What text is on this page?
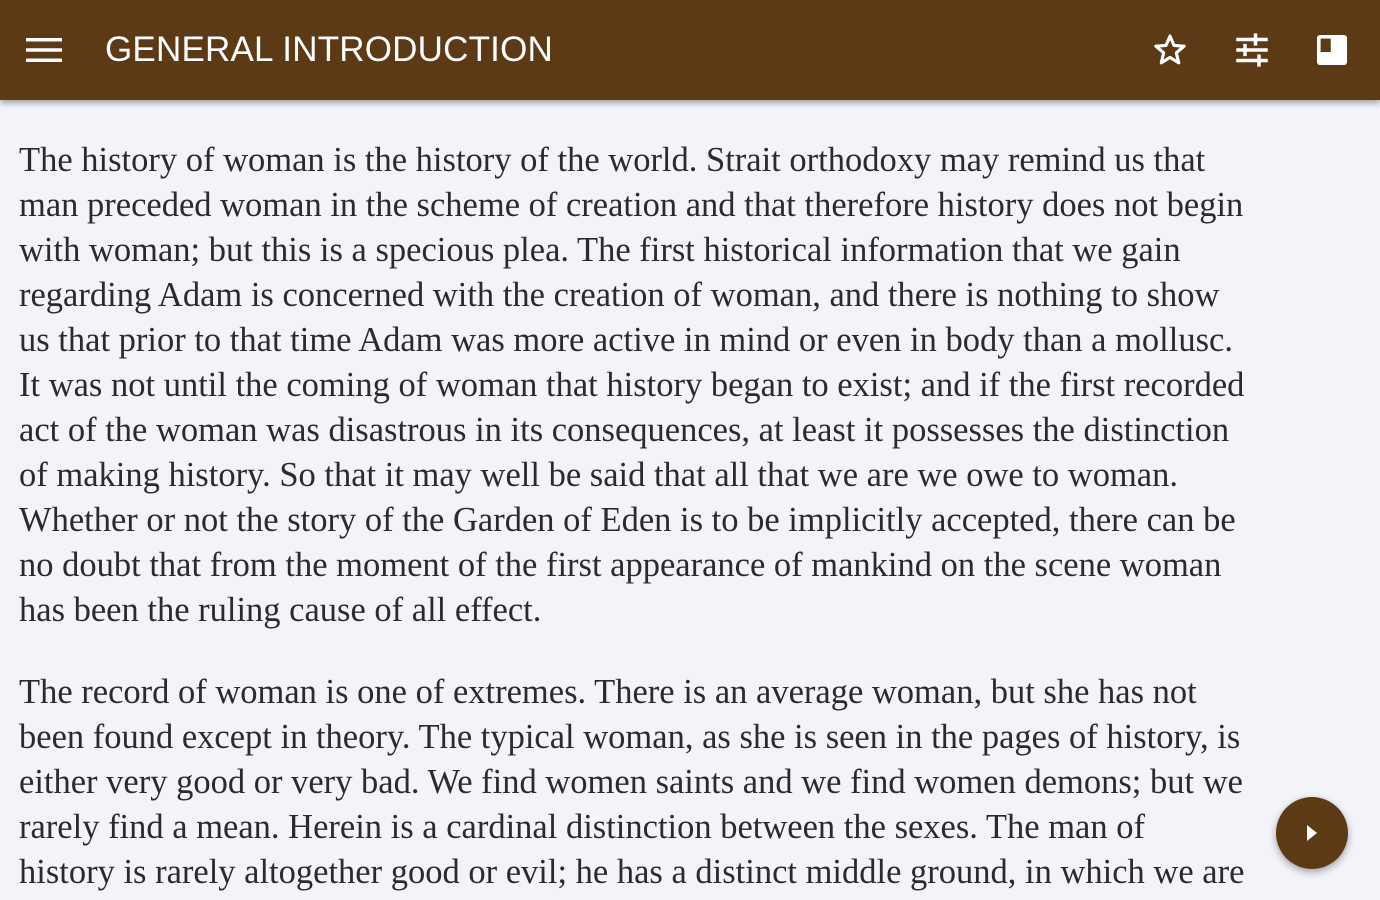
GENERAL INTRODUCTION

The history of woman is the history of the world. Strait orthodoxy may remind us that
man preceded woman in the scheme of creation and that therefore history does not begin
with woman; but this is a specious plea. The first historical information that we gain
regarding Adam is concerned with the creation of woman, and there is nothing to show
us that prior to that time Adam was more active in mind or even in body than a mollusc.
It was not until the coming of woman that history began to exist; and if the first recorded
act of the woman was disastrous in its consequences, at least it possesses the distinction
of making history. So that it may well be said that all that we are we owe to woman.
Whether or not the story of the Garden of Eden is to be implicitly accepted, there can be
no doubt that from the moment of the first appearance of mankind on the scene woman
has been the ruling cause of all effect.

The record of woman is one of extremes. There is an average woman, but she has not
been found except in theory. The typical woman, as she is seen in the pages of history, is
either very good or very bad. We find women saints and we find women demons; but we
rarely find a mean. Herein is a cardinal distinction between the sexes. The man of
history is rarely altogether good or evil; he has a distinct middle ground, in which we are
